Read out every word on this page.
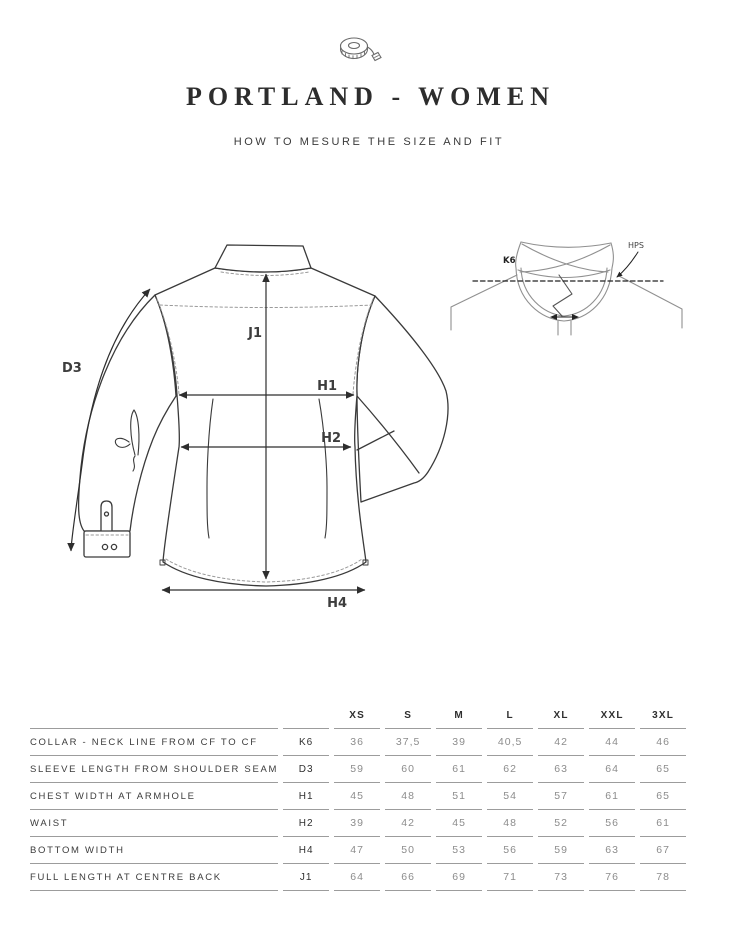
PORTLAND - WOMEN
HOW TO MESURE THE SIZE AND FIT
J1
H1
H2
H4
D3
K6
HPS
		XS	S	M	L	XL	XXL	3XL
COLLAR - NECK LINE FROM CF TO CF	K6	36	37,5	39	40,5	42	44	46
SLEEVE LENGTH FROM SHOULDER SEAM	D3	59	60	61	62	63	64	65
CHEST WIDTH AT ARMHOLE	H1	45	48	51	54	57	61	65
WAIST	H2	39	42	45	48	52	56	61
BOTTOM WIDTH	H4	47	50	53	56	59	63	67
FULL LENGTH AT CENTRE BACK	J1	64	66	69	71	73	76	78
